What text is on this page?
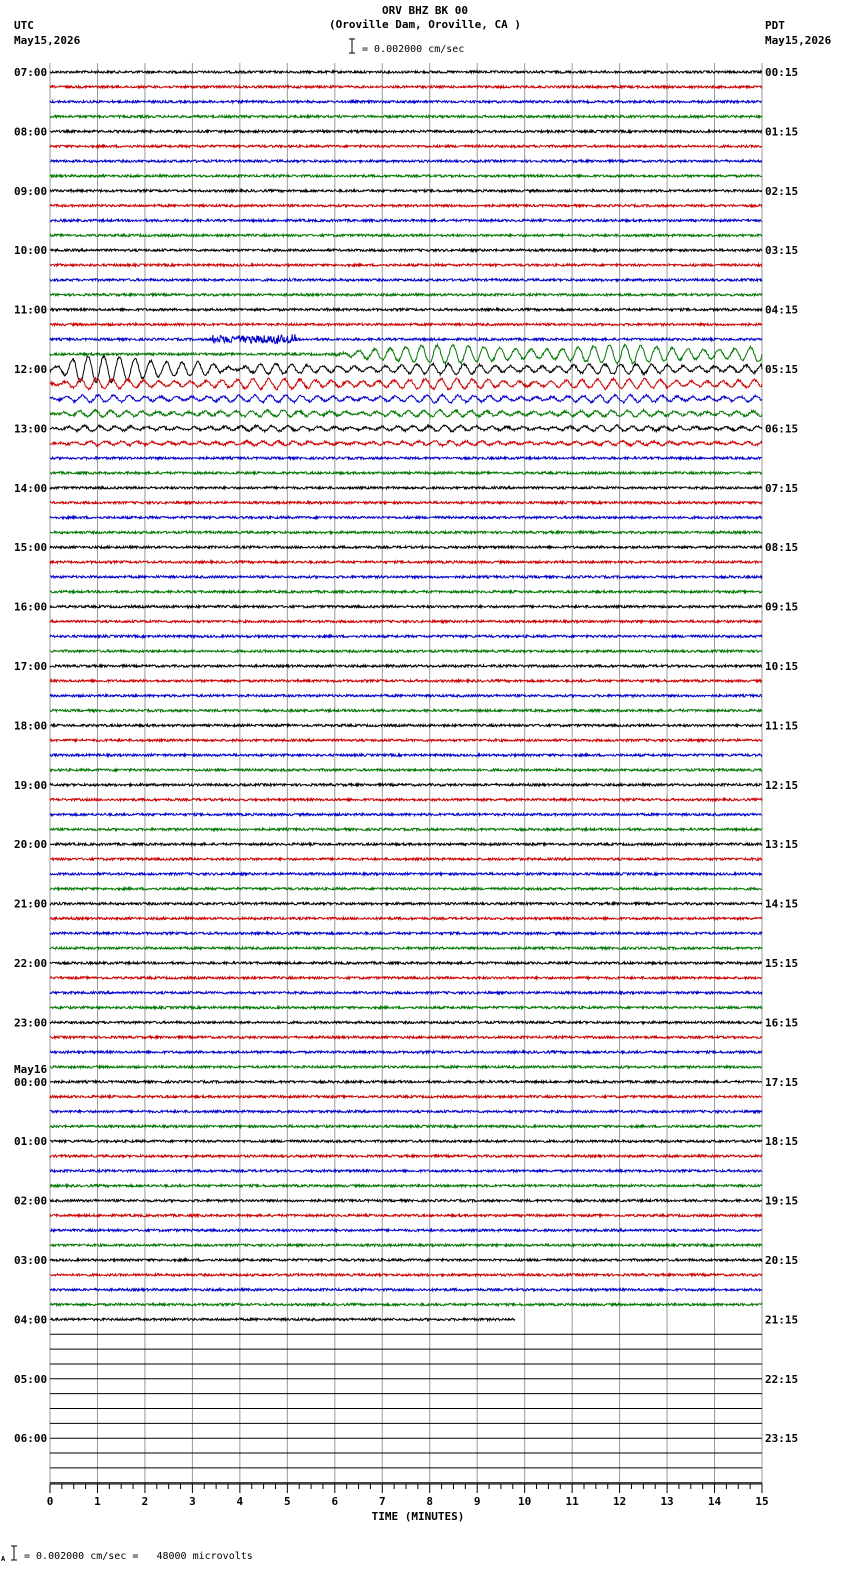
ORV BHZ BK 00
(Oroville Dam, Oroville, CA )
UTC
May15,2026
PDT
May15,2026
= 0.002000 cm/sec
A = 0.002000 cm/sec =   48000 microvolts
0	1	2	3	4	5	6	7	8	9	10	11	12	13	14	15
TIME (MINUTES)
07:00
08:00
09:00
10:00
11:00
12:00
13:00
14:00
15:00
16:00
17:00
18:00
19:00
20:00
21:00
22:00
23:00
00:00
01:00
02:00
03:00
04:00
05:00
06:00
00:15
01:15
02:15
03:15
04:15
05:15
06:15
07:15
08:15
09:15
10:15
11:15
12:15
13:15
14:15
15:15
16:15
17:15
18:15
19:15
20:15
21:15
22:15
23:15
May16
